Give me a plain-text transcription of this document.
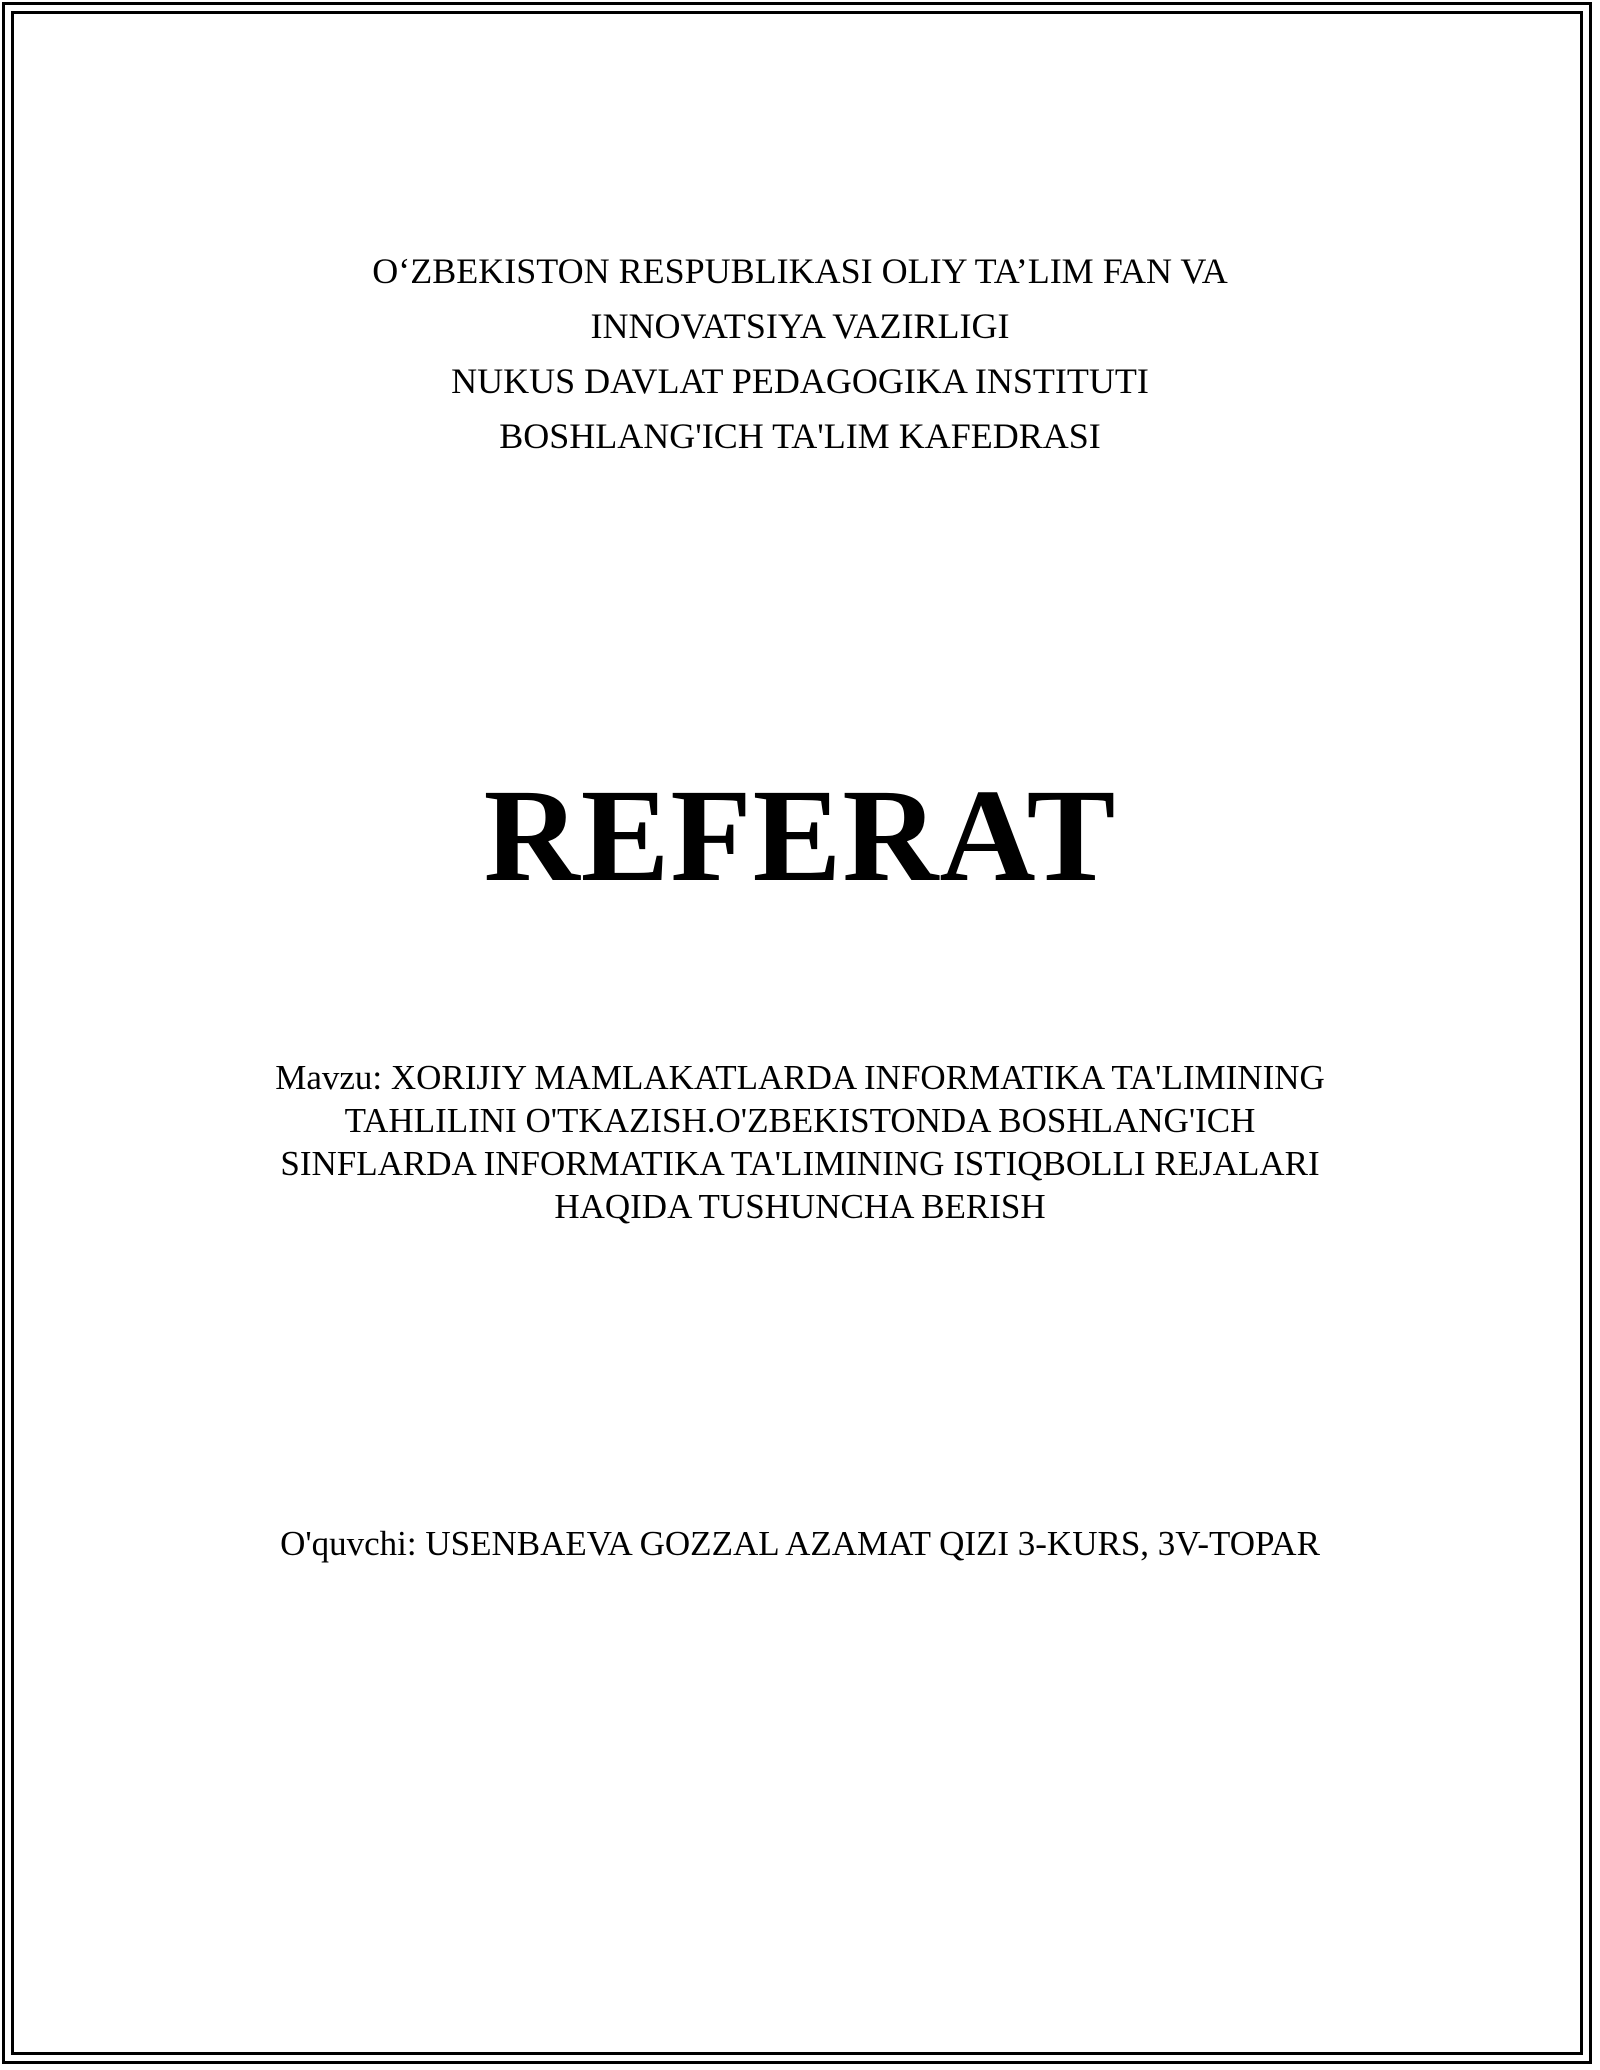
O‘ZBEKISTON RESPUBLIKASI OLIY TA’LIM FAN VA
INNOVATSIYA VAZIRLIGI
NUKUS DAVLAT PEDAGOGIKA INSTITUTI
BOSHLANG'ICH TA'LIM KAFEDRASI
REFERAT
Mavzu: XORIJIY MAMLAKATLARDA INFORMATIKA TA'LIMINING
TAHLILINI O'TKAZISH.O'ZBEKISTONDA BOSHLANG'ICH
SINFLARDA INFORMATIKA TA'LIMINING ISTIQBOLLI REJALARI
HAQIDA TUSHUNCHA BERISH
O'quvchi: USENBAEVA GOZZAL AZAMAT QIZI 3-KURS, 3V-TOPAR
